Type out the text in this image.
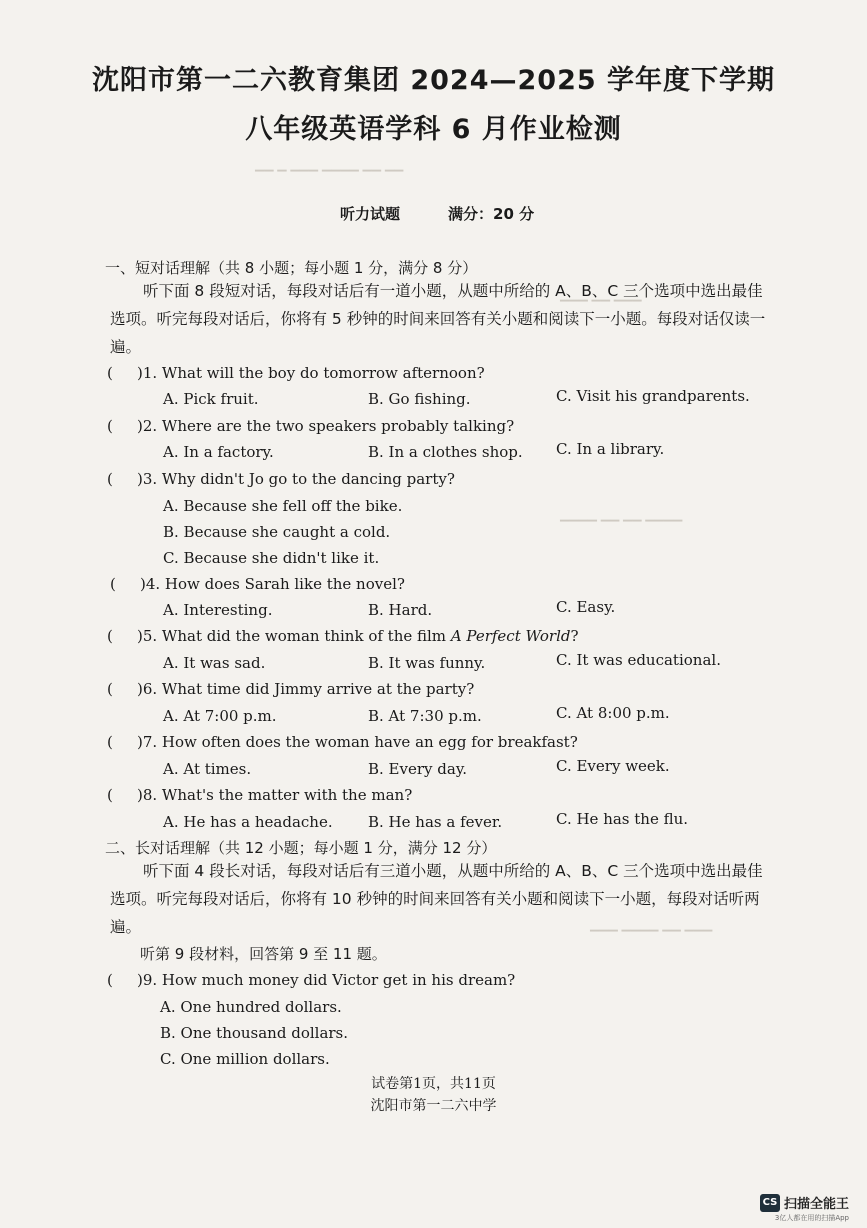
▔▔ ▔ ▔▔▔ ▔▔▔▔ ▔▔ ▔▔
▔▔▔ ▔▔ ▔▔▔
▔▔▔▔ ▔▔ ▔▔ ▔▔▔▔
▔▔▔ ▔▔▔▔ ▔▔ ▔▔▔
沈阳市第一二六教育集团 2024—2025 学年度下学期
八年级英语学科 6 月作业检测
听力试题	满分：20 分
一、短对话理解（共 8 小题；每小题 1 分，满分 8 分）
听下面 8 段短对话，每段对话后有一道小题，从题中所给的 A、B、C 三个选项中选出最佳选项。听完每段对话后，你将有 5 秒钟的时间来回答有关小题和阅读下一小题。每段对话仅读一遍。
( )1. What will the boy do tomorrow afternoon?
A. Pick fruit.	B. Go fishing.	C. Visit his grandparents.
( )2. Where are the two speakers probably talking?
A. In a factory.	B. In a clothes shop. C. In a library.
( )3. Why didn't Jo go to the dancing party?
A. Because she fell off the bike.
B. Because she caught a cold.
C. Because she didn't like it.
( )4. How does Sarah like the novel?
A. Interesting.	B. Hard.	C. Easy.
( )5. What did the woman think of the film A Perfect World?
A. It was sad.	B. It was funny.	C. It was educational.
( )6. What time did Jimmy arrive at the party?
A. At 7:00 p.m.	B. At 7:30 p.m.	C. At 8:00 p.m.
( )7. How often does the woman have an egg for breakfast?
A. At times.	B. Every day.	C. Every week.
( )8. What's the matter with the man?
A. He has a headache. B. He has a fever.	C. He has the flu.
二、长对话理解（共 12 小题；每小题 1 分，满分 12 分）
听下面 4 段长对话，每段对话后有三道小题，从题中所给的 A、B、C 三个选项中选出最佳选项。听完每段对话后，你将有 10 秒钟的时间来回答有关小题和阅读下一小题，每段对话听两遍。
听第 9 段材料，回答第 9 至 11 题。
( )9. How much money did Victor get in his dream?
A. One hundred dollars.
B. One thousand dollars.
C. One million dollars.
试卷第1页，共11页
沈阳市第一二六中学
CS 扫描全能王
3亿人都在用的扫描App
